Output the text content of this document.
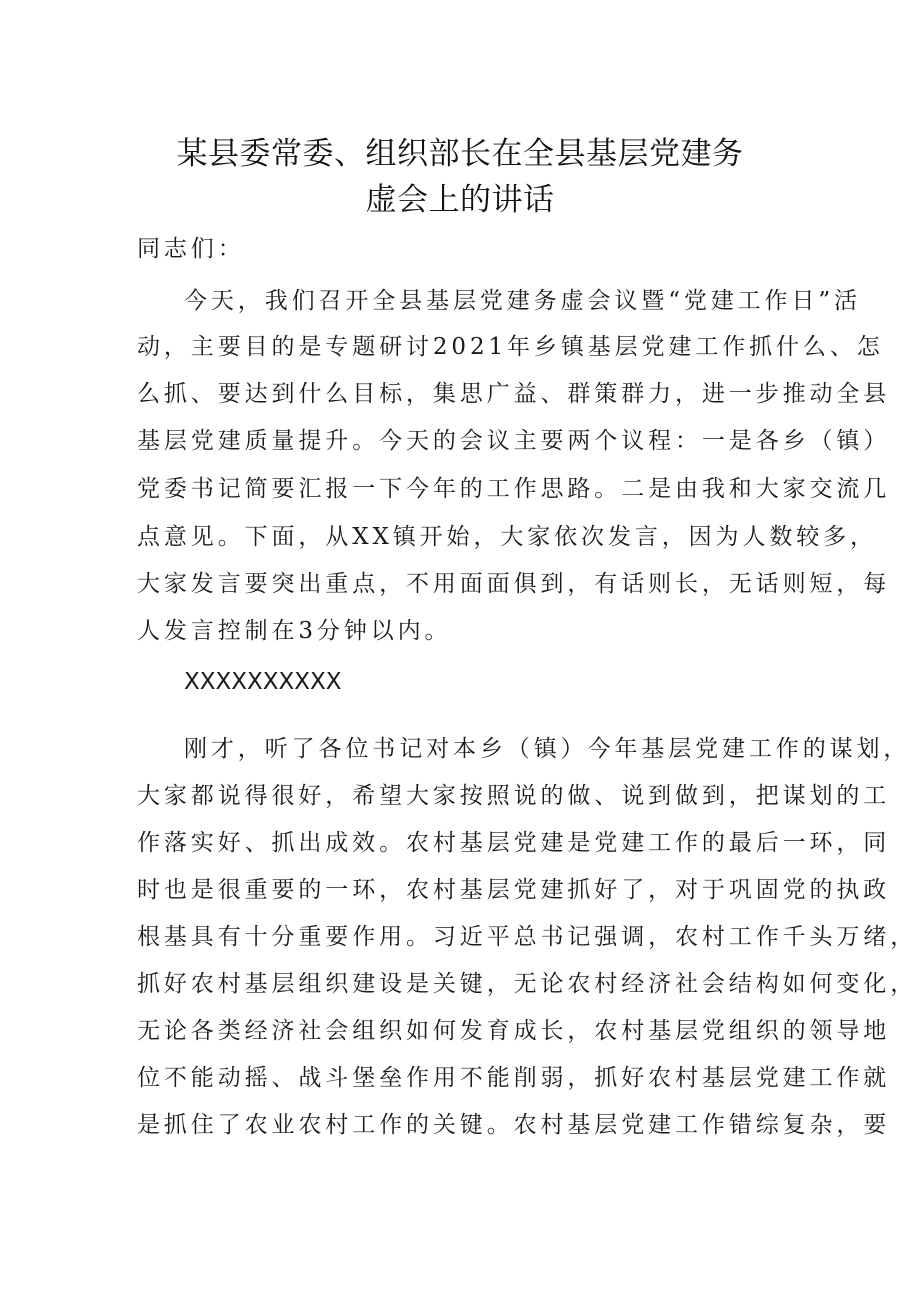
某县委常委、组织部长在全县基层党建务
虚会上的讲话

同志们：

今天，我们召开全县基层党建务虚会议暨“党建工作日”活

动，主要目的是专题研讨2021年乡镇基层党建工作抓什么、怎

么抓、要达到什么目标，集思广益、群策群力，进一步推动全县

基层党建质量提升。今天的会议主要两个议程：一是各乡（镇）

党委书记简要汇报一下今年的工作思路。二是由我和大家交流几

点意见。下面，从XX镇开始，大家依次发言，因为人数较多，

大家发言要突出重点，不用面面俱到，有话则长，无话则短，每

人发言控制在3分钟以内。

XXXXXXXXXX

刚才，听了各位书记对本乡（镇）今年基层党建工作的谋划，

大家都说得很好，希望大家按照说的做、说到做到，把谋划的工

作落实好、抓出成效。农村基层党建是党建工作的最后一环，同

时也是很重要的一环，农村基层党建抓好了，对于巩固党的执政

根基具有十分重要作用。习近平总书记强调，农村工作千头万绪，

抓好农村基层组织建设是关键，无论农村经济社会结构如何变化，

无论各类经济社会组织如何发育成长，农村基层党组织的领导地

位不能动摇、战斗堡垒作用不能削弱，抓好农村基层党建工作就

是抓住了农业农村工作的关键。农村基层党建工作错综复杂，要
